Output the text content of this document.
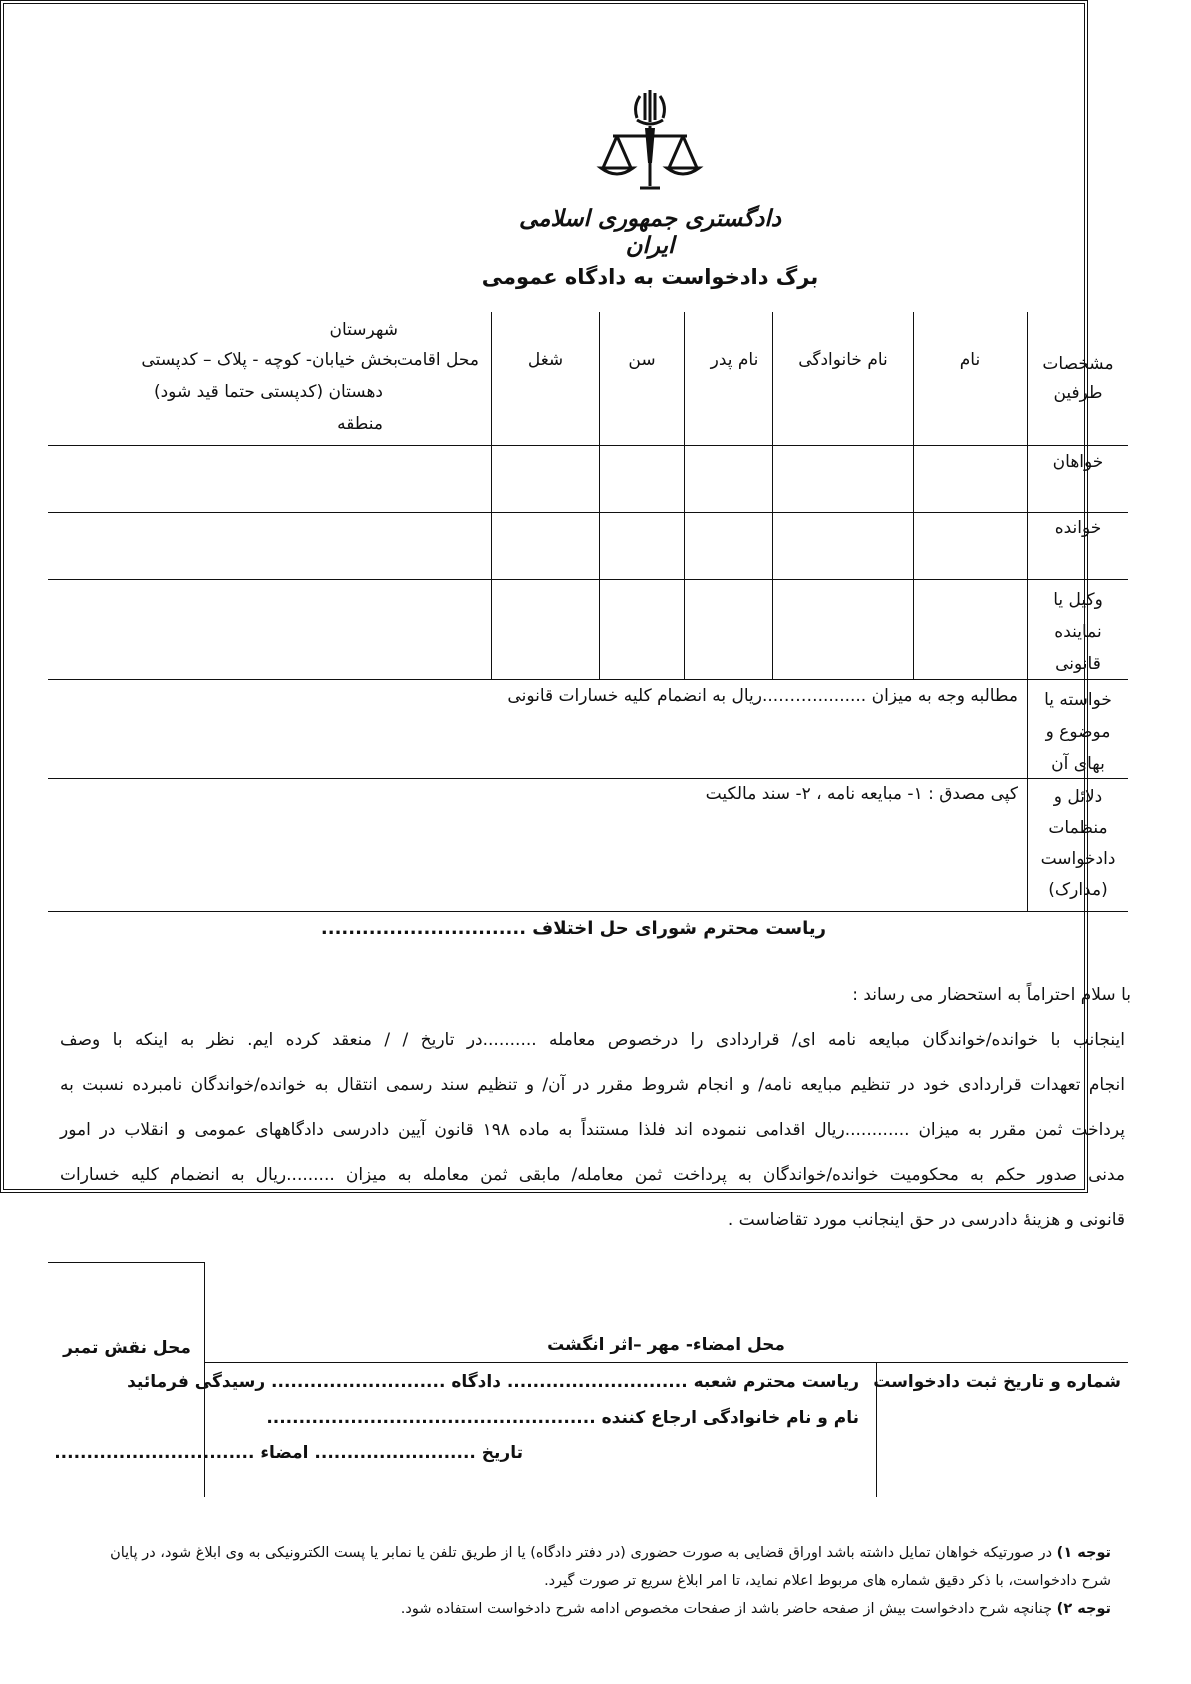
دادگستری جمهوری اسلامی ایران
برگ دادخواست به دادگاه عمومی
مشخصات
طرفین
نام
نام خانوادگی
نام پدر
سن
شغل
محل اقامت
شهرستان
بخش خیابان- کوچه - پلاک – کدپستی
دهستان (کدپستی حتما قید شود)
منطقه
خواهان
خوانده
وکیل یا
نماینده
قانونی
خواسته یا
موضوع و
بهای آن
مطالبه وجه به میزان ..........……...ریال به انضمام کلیه خسارات قانونی
دلائل و
منظمات
دادخواست
(مدارک)
کپی مصدق : ۱- مبایعه نامه ، ۲- سند مالکیت
ریاست محترم شورای حل اختلاف ..............................
با سلام احتراماً به استحضار می رساند :
اینجانب با خوانده/خواندگان مبایعه نامه ای/ قراردادی را درخصوص معامله ..........در تاریخ / / منعقد کرده ایم. نظر به اینکه با وصف
انجام تعهدات قراردادی خود در تنظیم مبایعه نامه/ و انجام شروط مقرر در آن/ و تنظیم سند رسمی انتقال به خوانده/خواندگان نامبرده نسبت به
پرداخت ثمن مقرر به میزان ............ریال اقدامی ننموده اند فلذا مستنداً به ماده ۱۹۸ قانون آیین دادرسی دادگاههای عمومی و انقلاب در امور
مدنی صدور حکم به محکومیت خوانده/خواندگان به پرداخت ثمن معامله/ مابقی ثمن معامله به میزان .........ریال به انضمام کلیه خسارات
قانونی و هزینهٔ دادرسی در حق اینجانب مورد تقاضاست .
محل نقش تمبر	محل امضاء- مهر –اثر انگشت
شماره و تاریخ ثبت دادخواست
ریاست محترم شعبه ............................ دادگاه ........................... رسیدگی فرمائید
نام و نام خانوادگی ارجاع کننده ...................................................
تاریخ ......................... امضاء ...............................
توجه ۱) در صورتیکه خواهان تمایل داشته باشد اوراق قضایی به صورت حضوری (در دفتر دادگاه) یا از طریق تلفن یا نمابر یا پست الکترونیکی به وی ابلاغ شود، در پایان
شرح دادخواست، با ذکر دقیق شماره های مربوط اعلام نماید، تا امر ابلاغ سریع تر صورت گیرد.
توجه ۲) چنانچه شرح دادخواست بیش از صفحه حاضر باشد از صفحات مخصوص ادامه شرح دادخواست استفاده شود.
